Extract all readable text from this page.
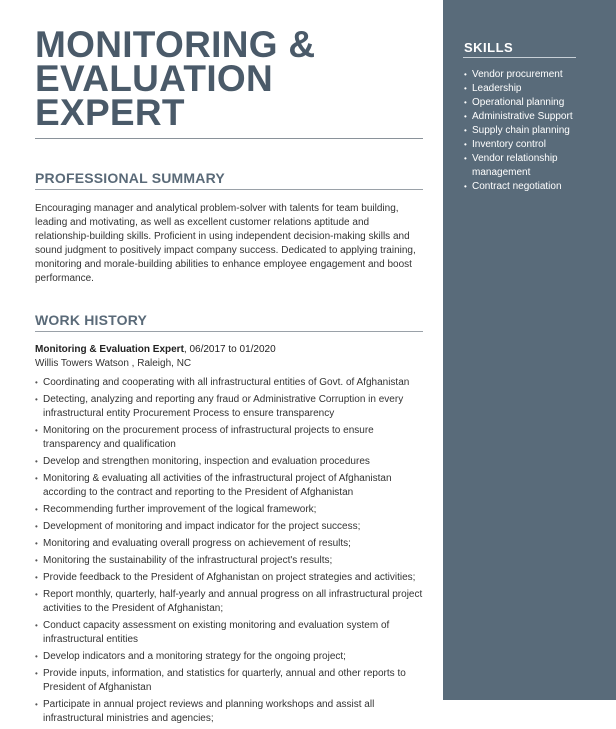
MONITORING &
EVALUATION EXPERT
PROFESSIONAL SUMMARY

Encouraging manager and analytical problem-solver with talents for team building, leading and motivating, as well as excellent customer relations aptitude and relationship-building skills. Proficient in using independent decision-making skills and sound judgment to positively impact company success. Dedicated to applying training, monitoring and morale-building abilities to enhance employee engagement and boost performance.

WORK HISTORY
Monitoring & Evaluation Expert, 06/2017 to 01/2020
Willis Towers Watson , Raleigh, NC
• Coordinating and cooperating with all infrastructural entities of Govt. of Afghanistan
• Detecting, analyzing and reporting any fraud or Administrative Corruption in every infrastructural entity Procurement Process to ensure transparency
• Monitoring on the procurement process of infrastructural projects to ensure transparency and qualification
• Develop and strengthen monitoring, inspection and evaluation procedures
• Monitoring & evaluating all activities of the infrastructural project of Afghanistan according to the contract and reporting to the President of Afghanistan
• Recommending further improvement of the logical framework;
• Development of monitoring and impact indicator for the project success;
• Monitoring and evaluating overall progress on achievement of results;
• Monitoring the sustainability of the infrastructural project's results;
• Provide feedback to the President of Afghanistan on project strategies and activities;
• Report monthly, quarterly, half-yearly and annual progress on all infrastructural project activities to the President of Afghanistan;
• Conduct capacity assessment on existing monitoring and evaluation system of infrastructural entities
• Develop indicators and a monitoring strategy for the ongoing project;
• Provide inputs, information, and statistics for quarterly, annual and other reports to President of Afghanistan
• Participate in annual project reviews and planning workshops and assist all infrastructural ministries and agencies;
SKILLS
• Vendor procurement
• Leadership
• Operational planning
• Administrative Support
• Supply chain planning
• Inventory control
• Vendor relationship management
• Contract negotiation
